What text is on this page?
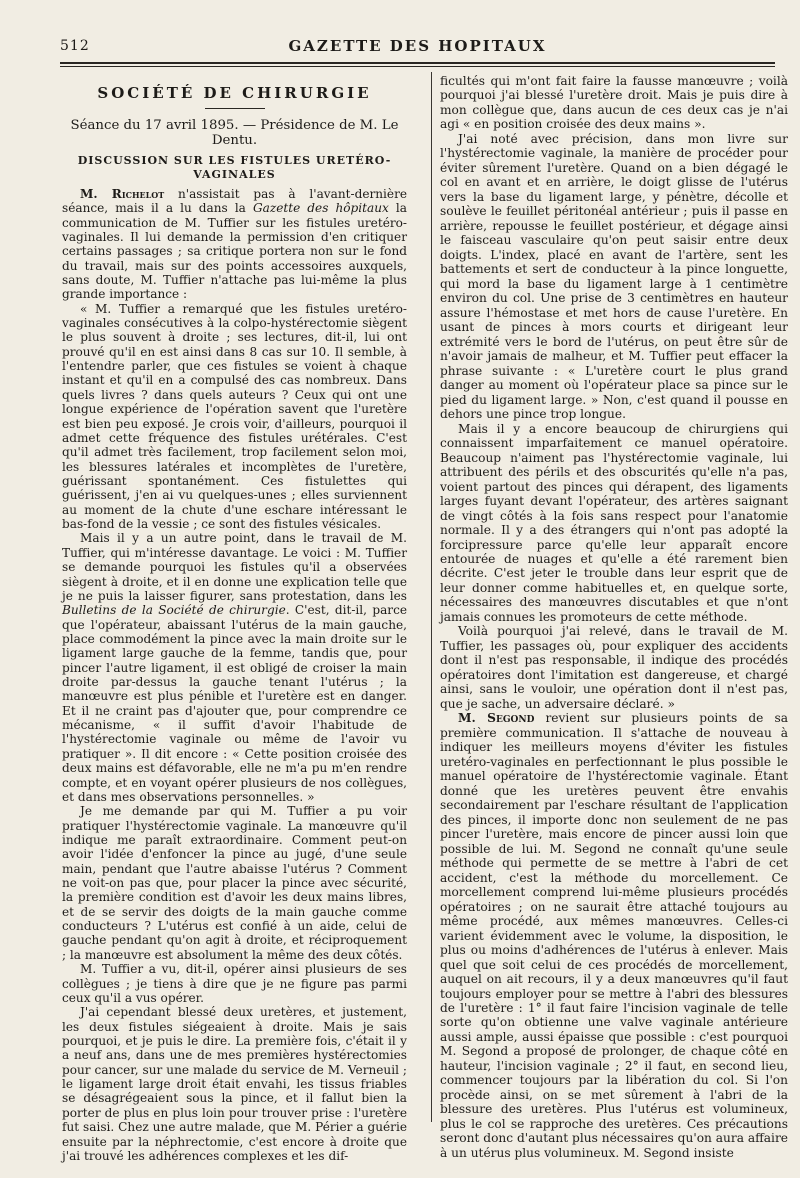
512	GAZETTE DES HOPITAUX
SOCIÉTÉ DE CHIRURGIE
Séance du 17 avril 1895. — Présidence de M. Le Dentu.
DISCUSSION SUR LES FISTULES URETÉRO-VAGINALES

M. Richelot n'assistait pas à l'avant-dernière séance, mais il a lu dans la Gazette des hôpitaux la communication de M. Tuffier sur les fistules uretéro-vaginales. Il lui demande la permission d'en critiquer certains passages ; sa critique portera non sur le fond du travail, mais sur des points accessoires auxquels, sans doute, M. Tuffier n'attache pas lui-même la plus grande importance :

« M. Tuffier a remarqué que les fistules uretéro-vaginales consécutives à la colpo-hystérectomie siègent le plus souvent à droite ; ses lectures, dit-il, lui ont prouvé qu'il en est ainsi dans 8 cas sur 10. Il semble, à l'entendre parler, que ces fistules se voient à chaque instant et qu'il en a compulsé des cas nombreux. Dans quels livres ? dans quels auteurs ? Ceux qui ont une longue expérience de l'opération savent que l'uretère est bien peu exposé. Je crois voir, d'ailleurs, pourquoi il admet cette fréquence des fistules urétérales. C'est qu'il admet très facilement, trop facilement selon moi, les blessures latérales et incomplètes de l'uretère, guérissant spontanément. Ces fistulettes qui guérissent, j'en ai vu quelques-unes ; elles surviennent au moment de la chute d'une eschare intéressant le bas-fond de la vessie ; ce sont des fistules vésicales.

Mais il y a un autre point, dans le travail de M. Tuffier, qui m'intéresse davantage. Le voici : M. Tuffier se demande pourquoi les fistules qu'il a observées siègent à droite, et il en donne une explication telle que je ne puis la laisser figurer, sans protestation, dans les Bulletins de la Société de chirurgie. C'est, dit-il, parce que l'opérateur, abaissant l'utérus de la main gauche, place commodément la pince avec la main droite sur le ligament large gauche de la femme, tandis que, pour pincer l'autre ligament, il est obligé de croiser la main droite par-dessus la gauche tenant l'utérus ; la manœuvre est plus pénible et l'uretère est en danger. Et il ne craint pas d'ajouter que, pour comprendre ce mécanisme, « il suffit d'avoir l'habitude de l'hystérectomie vaginale ou même de l'avoir vu pratiquer ». Il dit encore : « Cette position croisée des deux mains est défavorable, elle ne m'a pu m'en rendre compte, et en voyant opérer plusieurs de nos collègues, et dans mes observations personnelles. »

Je me demande par qui M. Tuffier a pu voir pratiquer l'hystérectomie vaginale. La manœuvre qu'il indique me paraît extraordinaire. Comment peut-on avoir l'idée d'enfoncer la pince au jugé, d'une seule main, pendant que l'autre abaisse l'utérus ? Comment ne voit-on pas que, pour placer la pince avec sécurité, la première condition est d'avoir les deux mains libres, et de se servir des doigts de la main gauche comme conducteurs ? L'utérus est confié à un aide, celui de gauche pendant qu'on agit à droite, et réciproquement ; la manœuvre est absolument la même des deux côtés.

M. Tuffier a vu, dit-il, opérer ainsi plusieurs de ses collègues ; je tiens à dire que je ne figure pas parmi ceux qu'il a vus opérer.

J'ai cependant blessé deux uretères, et justement, les deux fistules siégeaient à droite. Mais je sais pourquoi, et je puis le dire. La première fois, c'était il y a neuf ans, dans une de mes premières hystérectomies pour cancer, sur une malade du service de M. Verneuil ; le ligament large droit était envahi, les tissus friables se désagrégeaient sous la pince, et il fallut bien la porter de plus en plus loin pour trouver prise : l'uretère fut saisi. Chez une autre malade, que M. Périer a guérie ensuite par la néphrectomie, c'est encore à droite que j'ai trouvé les adhérences complexes et les dif-

ficultés qui m'ont fait faire la fausse manœuvre ; voilà pourquoi j'ai blessé l'uretère droit. Mais je puis dire à mon collègue que, dans aucun de ces deux cas je n'ai agi « en position croisée des deux mains ».

J'ai noté avec précision, dans mon livre sur l'hystérectomie vaginale, la manière de procéder pour éviter sûrement l'uretère. Quand on a bien dégagé le col en avant et en arrière, le doigt glisse de l'utérus vers la base du ligament large, y pénètre, décolle et soulève le feuillet péritonéal antérieur ; puis il passe en arrière, repousse le feuillet postérieur, et dégage ainsi le faisceau vasculaire qu'on peut saisir entre deux doigts. L'index, placé en avant de l'artère, sent les battements et sert de conducteur à la pince longuette, qui mord la base du ligament large à 1 centimètre environ du col. Une prise de 3 centimètres en hauteur assure l'hémostase et met hors de cause l'uretère. En usant de pinces à mors courts et dirigeant leur extrémité vers le bord de l'utérus, on peut être sûr de n'avoir jamais de malheur, et M. Tuffier peut effacer la phrase suivante : « L'uretère court le plus grand danger au moment où l'opérateur place sa pince sur le pied du ligament large. » Non, c'est quand il pousse en dehors une pince trop longue.

Mais il y a encore beaucoup de chirurgiens qui connaissent imparfaitement ce manuel opératoire. Beaucoup n'aiment pas l'hystérectomie vaginale, lui attribuent des périls et des obscurités qu'elle n'a pas, voient partout des pinces qui dérapent, des ligaments larges fuyant devant l'opérateur, des artères saignant de vingt côtés à la fois sans respect pour l'anatomie normale. Il y a des étrangers qui n'ont pas adopté la forcipressure parce qu'elle leur apparaît encore entourée de nuages et qu'elle a été rarement bien décrite. C'est jeter le trouble dans leur esprit que de leur donner comme habituelles et, en quelque sorte, nécessaires des manœuvres discutables et que n'ont jamais connues les promoteurs de cette méthode.

Voilà pourquoi j'ai relevé, dans le travail de M. Tuffier, les passages où, pour expliquer des accidents dont il n'est pas responsable, il indique des procédés opératoires dont l'imitation est dangereuse, et chargé ainsi, sans le vouloir, une opération dont il n'est pas, que je sache, un adversaire déclaré. »

M. Segond revient sur plusieurs points de sa première communication. Il s'attache de nouveau à indiquer les meilleurs moyens d'éviter les fistules uretéro-vaginales en perfectionnant le plus possible le manuel opératoire de l'hystérectomie vaginale. Étant donné que les uretères peuvent être envahis secondairement par l'eschare résultant de l'application des pinces, il importe donc non seulement de ne pas pincer l'uretère, mais encore de pincer aussi loin que possible de lui. M. Segond ne connaît qu'une seule méthode qui permette de se mettre à l'abri de cet accident, c'est la méthode du morcellement. Ce morcellement comprend lui-même plusieurs procédés opératoires ; on ne saurait être attaché toujours au même procédé, aux mêmes manœuvres. Celles-ci varient évidemment avec le volume, la disposition, le plus ou moins d'adhérences de l'utérus à enlever. Mais quel que soit celui de ces procédés de morcellement, auquel on ait recours, il y a deux manœuvres qu'il faut toujours employer pour se mettre à l'abri des blessures de l'uretère : 1° il faut faire l'incision vaginale de telle sorte qu'on obtienne une valve vaginale antérieure aussi ample, aussi épaisse que possible : c'est pourquoi M. Segond a proposé de prolonger, de chaque côté en hauteur, l'incision vaginale ; 2° il faut, en second lieu, commencer toujours par la libération du col. Si l'on procède ainsi, on se met sûrement à l'abri de la blessure des uretères. Plus l'utérus est volumineux, plus le col se rapproche des uretères. Ces précautions seront donc d'autant plus nécessaires qu'on aura affaire à un utérus plus volumineux. M. Segond insiste
